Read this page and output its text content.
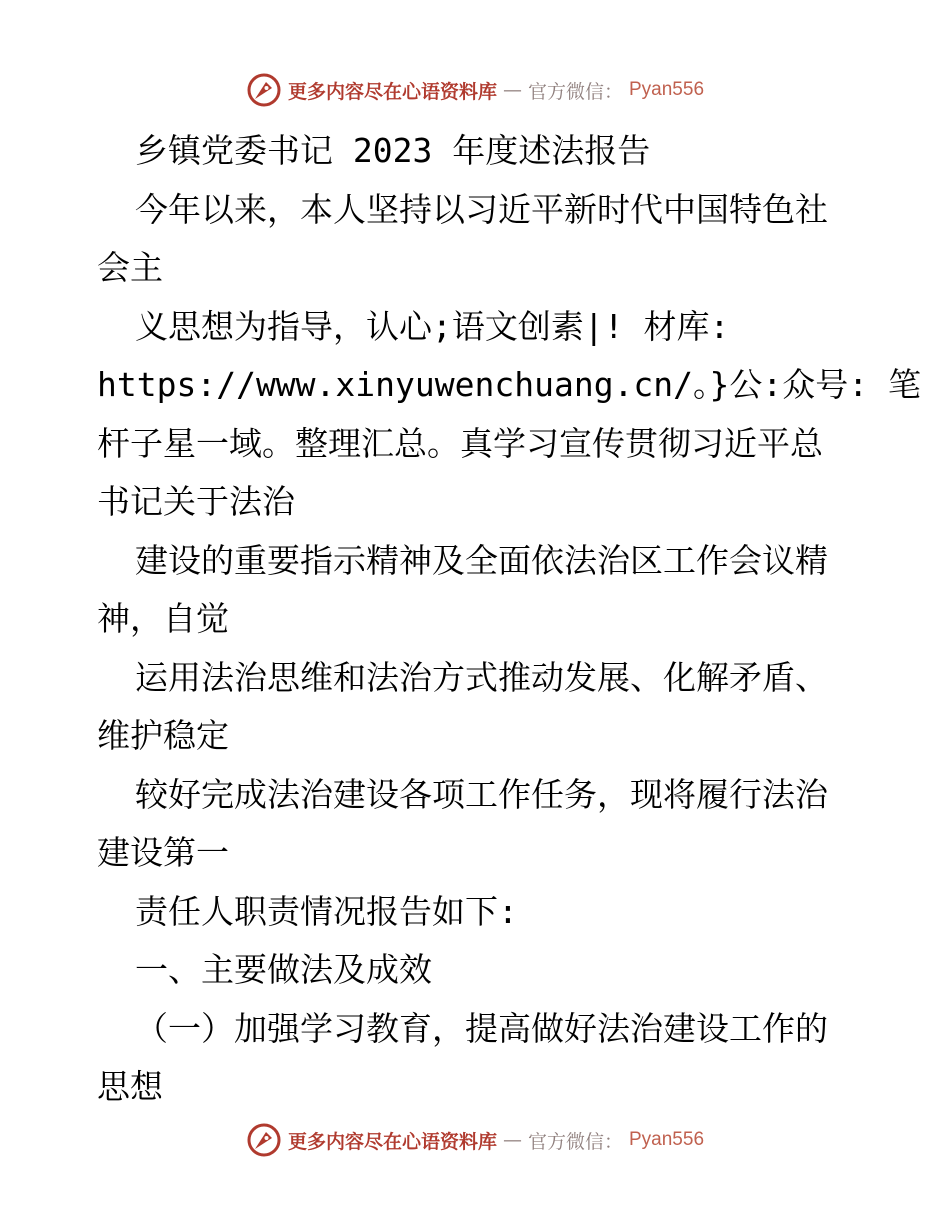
更多内容尽在心语资料库 — 官方微信： Pyan556
乡镇党委书记 2023 年度述法报告
今年以来，本人坚持以习近平新时代中国特色社
会主
义思想为指导，认心;语文创素|! 材库:
https://www.xinyuwenchuang.cn/。}公:众号: 笔
杆子星一域。整理汇总。真学习宣传贯彻习近平总
书记关于法治
建设的重要指示精神及全面依法治区工作会议精
神，自觉
运用法治思维和法治方式推动发展、化解矛盾、
维护稳定
较好完成法治建设各项工作任务，现将履行法治
建设第一
责任人职责情况报告如下:
一、主要做法及成效
（一）加强学习教育，提高做好法治建设工作的
思想
更多内容尽在心语资料库 — 官方微信： Pyan556
